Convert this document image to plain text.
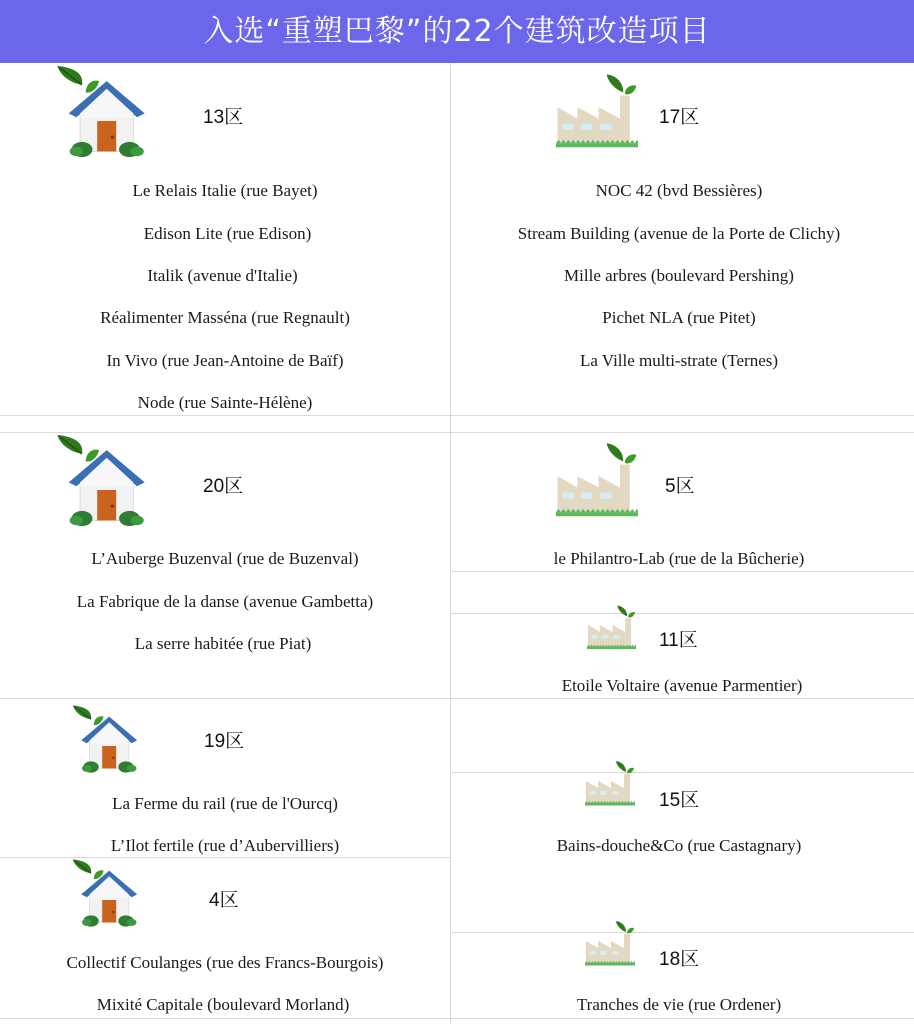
入选“重塑巴黎”的22个建筑改造项目
13区
Le Relais Italie (rue Bayet)
Edison Lite (rue Edison)
Italik (avenue d'Italie)
Réalimenter Masséna (rue Regnault)
In Vivo (rue Jean-Antoine de Baïf)
Node (rue Sainte-Hélène)
20区
L’Auberge Buzenval (rue de Buzenval)
La Fabrique de la danse (avenue Gambetta)
La serre habitée (rue Piat)
19区
La Ferme du rail (rue de l'Ourcq)
L’Ilot fertile (rue d’Aubervilliers)
4区
Collectif Coulanges (rue des Francs-Bourgois)
Mixité Capitale (boulevard Morland)
17区
NOC 42 (bvd Bessières)
Stream Building (avenue de la Porte de Clichy)
Mille arbres (boulevard Pershing)
Pichet NLA (rue Pitet)
La Ville multi-strate (Ternes)
5区
le Philantro-Lab (rue de la Bûcherie)
11区
Etoile Voltaire (avenue Parmentier)
15区
Bains-douche&Co (rue Castagnary)
18区
Tranches de vie (rue Ordener)
